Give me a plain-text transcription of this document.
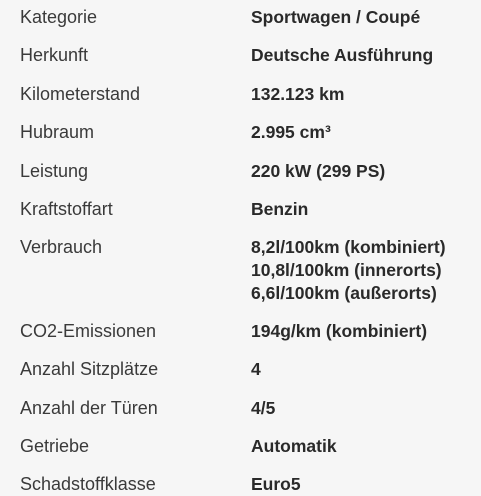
Kategorie	Sportwagen / Coupé
Herkunft	Deutsche Ausführung
Kilometerstand	132.123 km
Hubraum	2.995 cm³
Leistung	220 kW (299 PS)
Kraftstoffart	Benzin
Verbrauch	8,2l/100km (kombiniert)
10,8l/100km (innerorts)
6,6l/100km (außerorts)
CO2-Emissionen	194g/km (kombiniert)
Anzahl Sitzplätze	4
Anzahl der Türen	4/5
Getriebe	Automatik
Schadstoffklasse	Euro5
